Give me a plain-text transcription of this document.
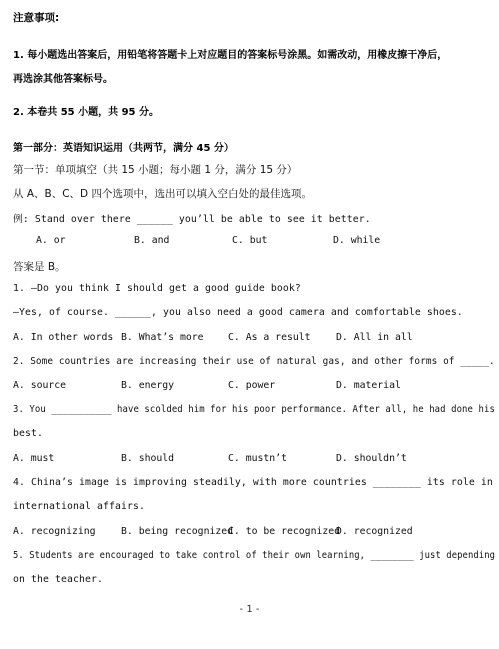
注意事项:
1. 每小题选出答案后，用铅笔将答题卡上对应题目的答案标号涂黑。如需改动，用橡皮擦干净后，
再选涂其他答案标号。
2. 本卷共 55 小题，共 95 分。
第一部分：英语知识运用（共两节，满分 45 分）
第一节：单项填空（共 15 小题；每小题 1 分，满分 15 分）
从 A、B、C、D 四个选项中，选出可以填入空白处的最佳选项。
例: Stand over there ______ you’ll be able to see it better.
A. or	B. and	C. but	D. while
答案是 B。
1. —Do you think I should get a good guide book?
—Yes, of course. ______, you also need a good camera and comfortable shoes.
A. In other words B. What’s more C. As a result	D. All in all
2. Some countries are increasing their use of natural gas, and other forms of _____.
A. source	B. energy	C. power	D. material
3. You ___________ have scolded him for his poor performance. After all, he had done his
best.
A. must	B. should	C. mustn’t	D. shouldn’t
4. China’s image is improving steadily, with more countries ________ its role in
international affairs.
A. recognizing	B. being recognized
C. to be recognized
D. recognized
5. Students are encouraged to take control of their own learning, ________ just depending
on the teacher.
- 1 -
